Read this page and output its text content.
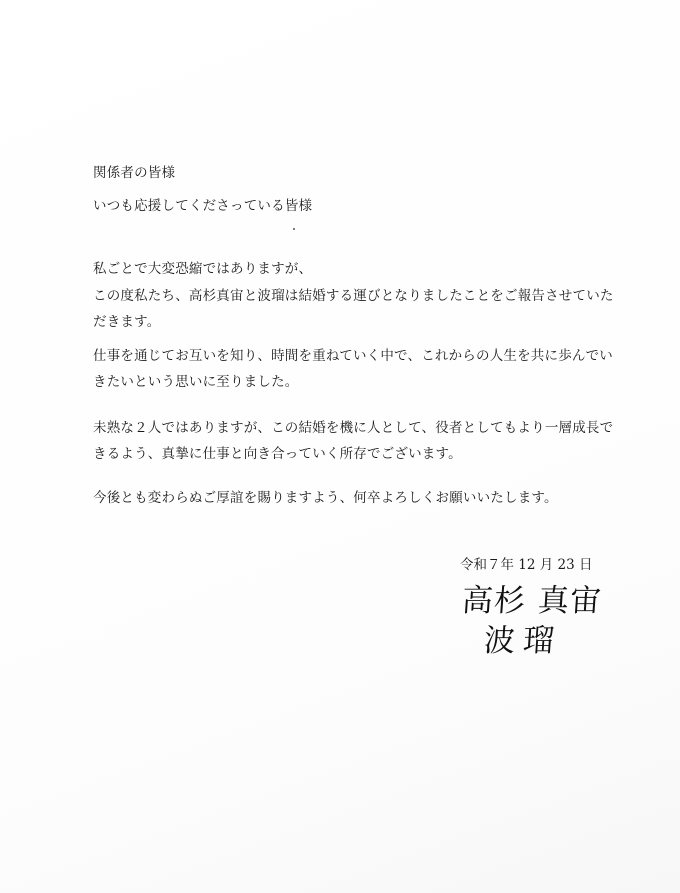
関係者の皆様
いつも応援してくださっている皆様
私ごとで大変恐縮ではありますが、
この度私たち、高杉真宙と波瑠は結婚する運びとなりましたことをご報告させていた
だきます。
仕事を通じてお互いを知り、時間を重ねていく中で、これからの人生を共に歩んでい
きたいという思いに至りました。
未熟な２人ではありますが、この結婚を機に人として、役者としてもより一層成長で
きるよう、真摯に仕事と向き合っていく所存でございます。
今後とも変わらぬご厚誼を賜りますよう、何卒よろしくお願いいたします。
令和７年 12 月 23 日
高杉 真宙
波瑠
